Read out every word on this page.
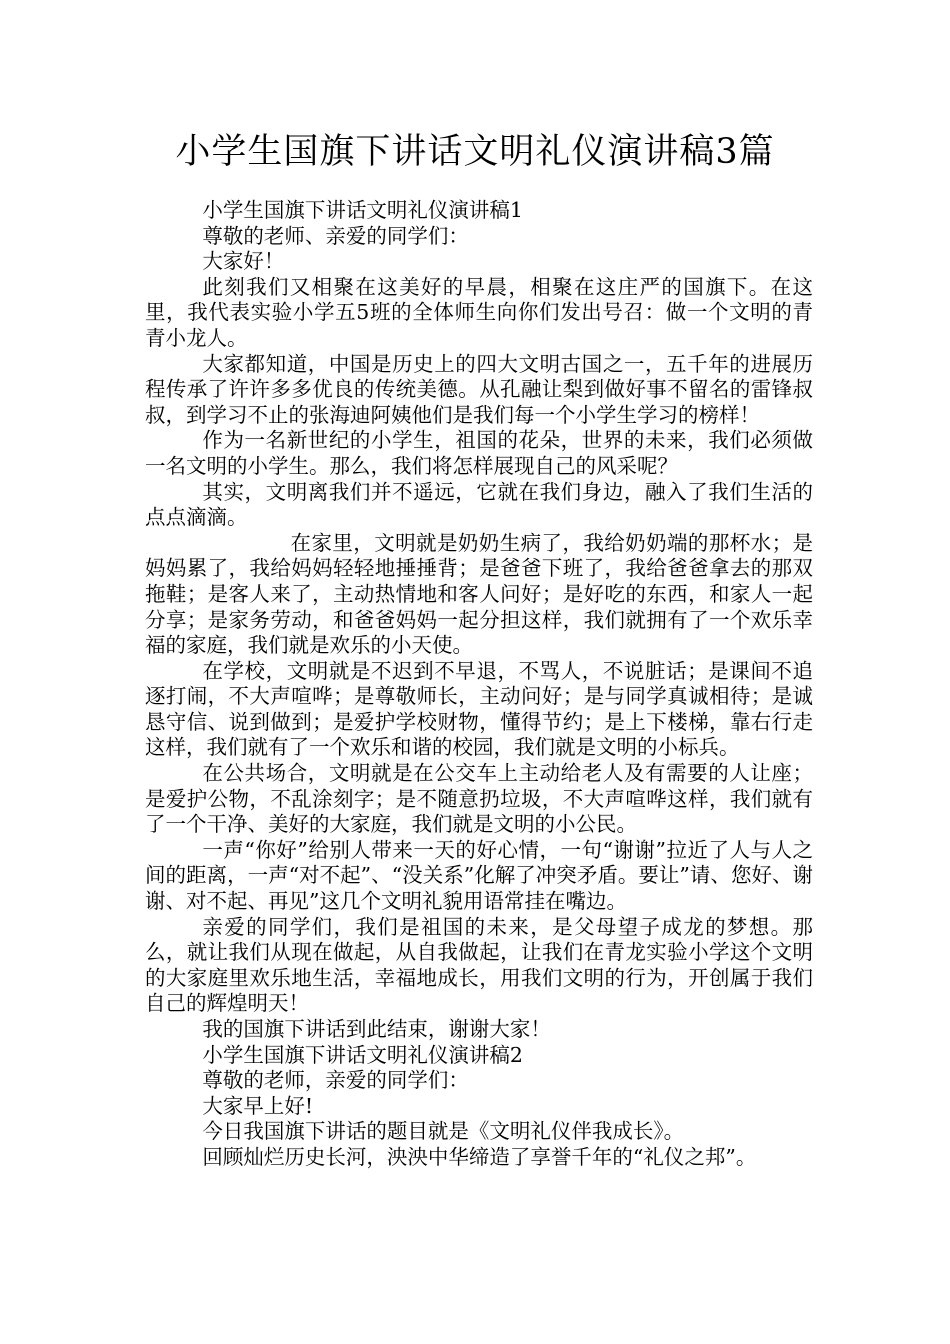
小学生国旗下讲话文明礼仪演讲稿3篇

小学生国旗下讲话文明礼仪演讲稿1

尊敬的老师、亲爱的同学们：

大家好！

此刻我们又相聚在这美好的早晨，相聚在这庄严的国旗下。在这里，我代表实验小学五5班的全体师生向你们发出号召：做一个文明的青青小龙人。

大家都知道，中国是历史上的四大文明古国之一，五千年的进展历程传承了许许多多优良的传统美德。从孔融让梨到做好事不留名的雷锋叔叔，到学习不止的张海迪阿姨他们是我们每一个小学生学习的榜样！

作为一名新世纪的小学生，祖国的花朵，世界的未来，我们必须做一名文明的小学生。那么，我们将怎样展现自己的风采呢？

其实，文明离我们并不遥远，它就在我们身边，融入了我们生活的点点滴滴。

在家里，文明就是奶奶生病了，我给奶奶端的那杯水；是妈妈累了，我给妈妈轻轻地捶捶背；是爸爸下班了，我给爸爸拿去的那双拖鞋；是客人来了，主动热情地和客人问好；是好吃的东西，和家人一起分享；是家务劳动，和爸爸妈妈一起分担这样，我们就拥有了一个欢乐幸福的家庭，我们就是欢乐的小天使。

在学校，文明就是不迟到不早退，不骂人，不说脏话；是课间不追逐打闹，不大声喧哗；是尊敬师长，主动问好；是与同学真诚相待；是诚恳守信、说到做到；是爱护学校财物，懂得节约；是上下楼梯，靠右行走这样，我们就有了一个欢乐和谐的校园，我们就是文明的小标兵。

在公共场合，文明就是在公交车上主动给老人及有需要的人让座；是爱护公物，不乱涂刻字；是不随意扔垃圾，不大声喧哗这样，我们就有了一个干净、美好的大家庭，我们就是文明的小公民。

一声“你好”给别人带来一天的好心情，一句“谢谢”拉近了人与人之间的距离，一声“对不起”、“没关系”化解了冲突矛盾。要让”请、您好、谢谢、对不起、再见”这几个文明礼貌用语常挂在嘴边。

亲爱的同学们，我们是祖国的未来，是父母望子成龙的梦想。那么，就让我们从现在做起，从自我做起，让我们在青龙实验小学这个文明的大家庭里欢乐地生活，幸福地成长，用我们文明的行为，开创属于我们自己的辉煌明天！

我的国旗下讲话到此结束，谢谢大家！

小学生国旗下讲话文明礼仪演讲稿2

尊敬的老师，亲爱的同学们：

大家早上好!

今日我国旗下讲话的题目就是《文明礼仪伴我成长》。

回顾灿烂历史长河，泱泱中华缔造了享誉千年的“礼仪之邦”。
